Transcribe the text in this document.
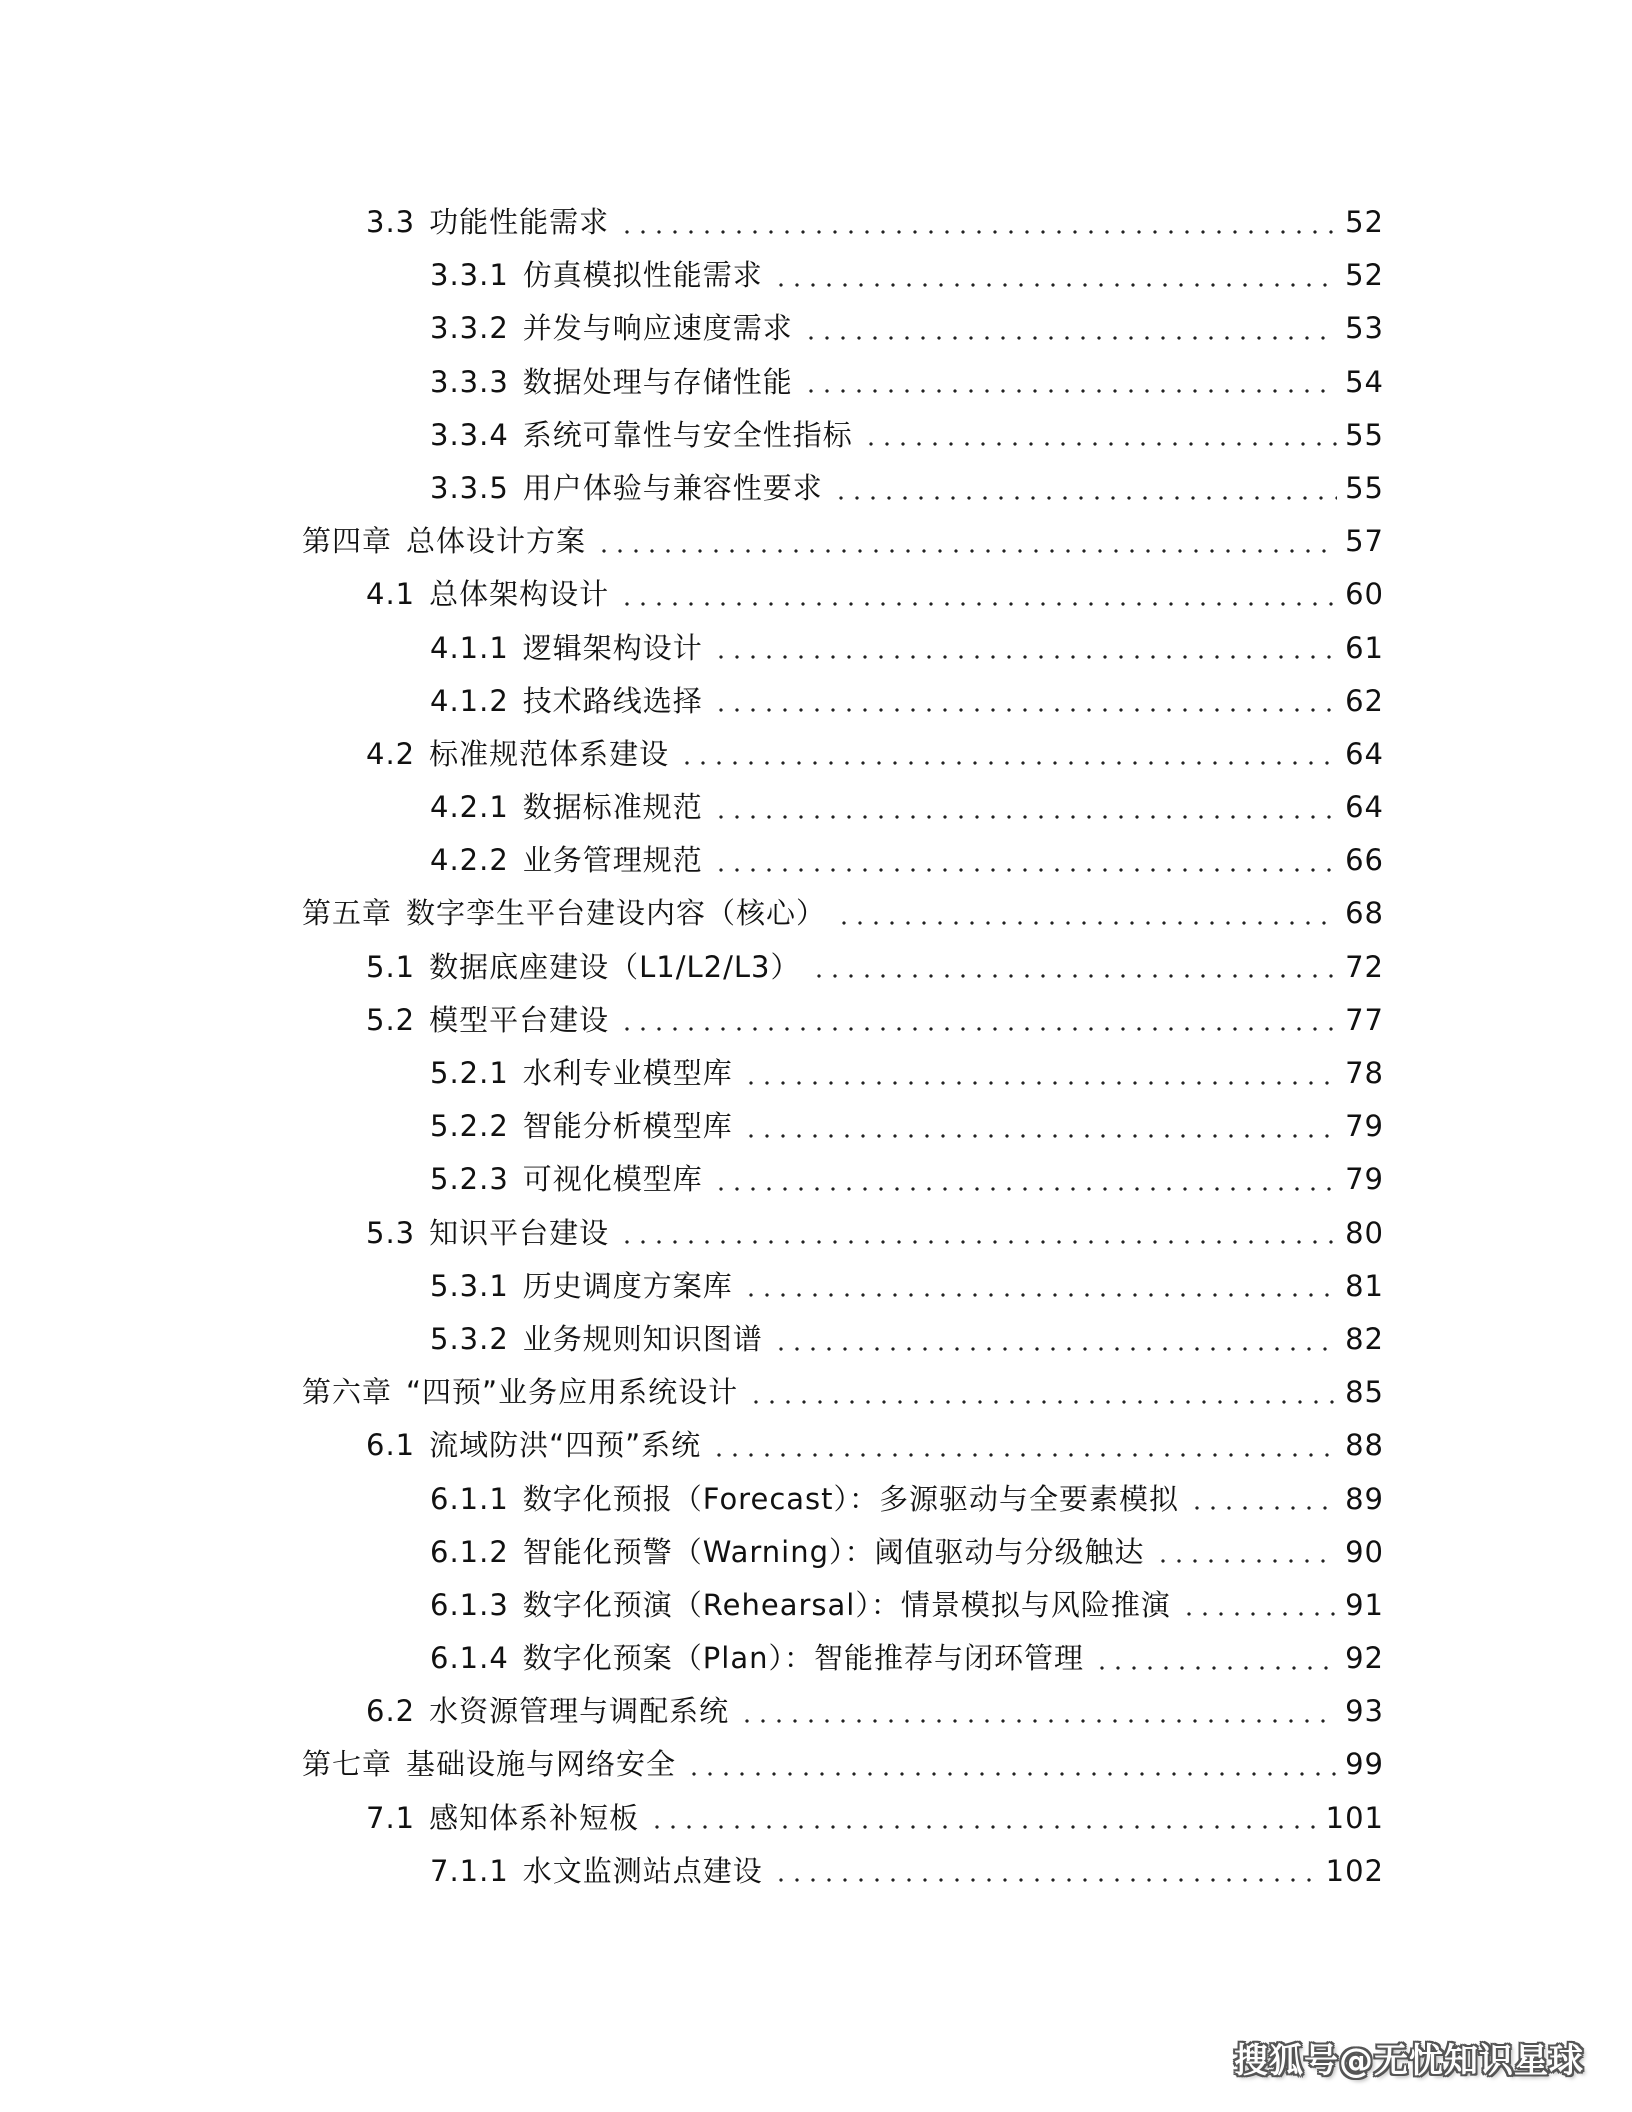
3.3 功能性能需求	52
3.3.1 仿真模拟性能需求	52
3.3.2 并发与响应速度需求	53
3.3.3 数据处理与存储性能	54
3.3.4 系统可靠性与安全性指标	55
3.3.5 用户体验与兼容性要求	55
第四章 总体设计方案	57
4.1 总体架构设计	60
4.1.1 逻辑架构设计	61
4.1.2 技术路线选择	62
4.2 标准规范体系建设	64
4.2.1 数据标准规范	64
4.2.2 业务管理规范	66
第五章 数字孪生平台建设内容（核心）	68
5.1 数据底座建设（L1/L2/L3）	72
5.2 模型平台建设	77
5.2.1 水利专业模型库	78
5.2.2 智能分析模型库	79
5.2.3 可视化模型库	79
5.3 知识平台建设	80
5.3.1 历史调度方案库	81
5.3.2 业务规则知识图谱	82
第六章 “四预”业务应用系统设计	85
6.1 流域防洪“四预”系统	88
6.1.1 数字化预报（Forecast）：多源驱动与全要素模拟	89
6.1.2 智能化预警（Warning）：阈值驱动与分级触达	90
6.1.3 数字化预演（Rehearsal）：情景模拟与风险推演	91
6.1.4 数字化预案（Plan）：智能推荐与闭环管理	92
6.2 水资源管理与调配系统	93
第七章 基础设施与网络安全	99
7.1 感知体系补短板	101
7.1.1 水文监测站点建设	102
搜狐号@无忧知识星球
